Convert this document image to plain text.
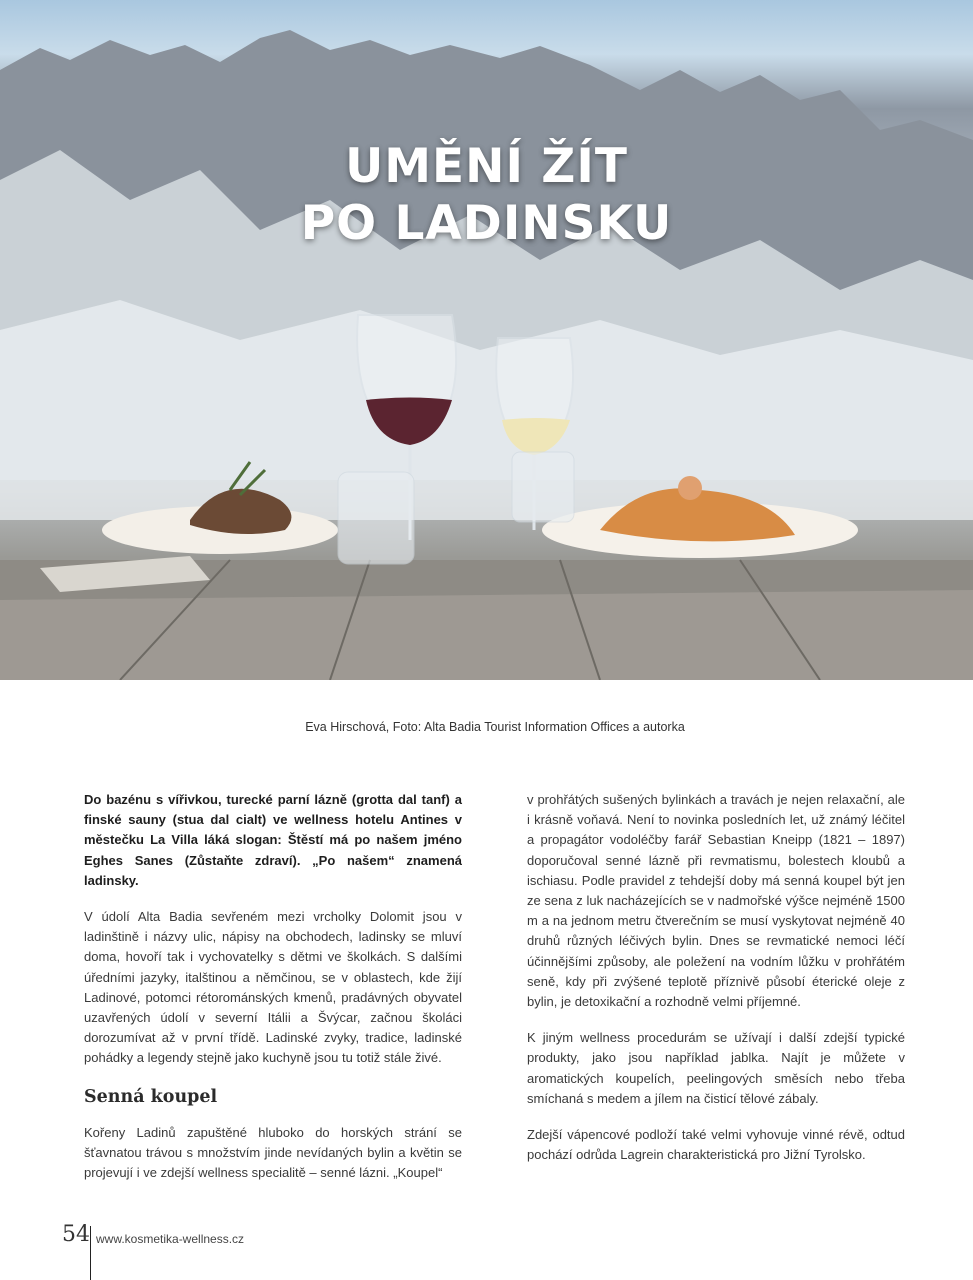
UMĚNÍ ŽÍT
PO LADINSKU
Eva Hirschová, Foto: Alta Badia Tourist Information Offices a autorka

Do bazénu s vířivkou, turecké parní lázně (grotta dal tanf) a finské sauny (stua dal cialt) ve wellness hotelu Antines v městečku La Villa láká slogan: Štěstí má po našem jméno Eghes Sanes (Zůstaňte zdraví). „Po našem“ znamená ladinsky.

V údolí Alta Badia sevřeném mezi vrcholky Dolomit jsou v ladinštině i názvy ulic, nápisy na obchodech, ladinsky se mluví doma, hovoří tak i vychovatelky s dětmi ve školkách. S dalšími úředními jazyky, italštinou a němčinou, se v oblastech, kde žijí Ladinové, potomci rétorománských kmenů, pradávných obyvatel uzavřených údolí v severní Itálii a Švýcar, začnou školáci dorozumívat až v první třídě. Ladinské zvyky, tradice, ladinské pohádky a legendy stejně jako kuchyně jsou tu totiž stále živé.

Senná koupel

Kořeny Ladinů zapuštěné hluboko do horských strání se šťavnatou trávou s množstvím jinde nevídaných bylin a květin se projevují i ve zdejší wellness specialitě – senné lázni. „Koupel“

v prohřátých sušených bylinkách a travách je nejen relaxační, ale i krásně voňavá. Není to novinka posledních let, už známý léčitel a propagátor vodoléčby farář Sebastian Kneipp (1821 – 1897) doporučoval senné lázně při revmatismu, bolestech kloubů a ischiasu. Podle pravidel z tehdejší doby má senná koupel být jen ze sena z luk nacházejících se v nadmořské výšce nejméně 1500 m a na jednom metru čtverečním se musí vyskytovat nejméně 40 druhů různých léčivých bylin. Dnes se revmatické nemoci léčí účinnějšími způsoby, ale poležení na vodním lůžku v prohřátém seně, kdy při zvýšené teplotě příznivě působí éterické oleje z bylin, je detoxikační a rozhodně velmi příjemné.

K jiným wellness procedurám se užívají i další zdejší typické produkty, jako jsou například jablka. Najít je můžete v aromatických koupelích, peelingových směsích nebo třeba smíchaná s medem a jílem na čisticí tělové zábaly.

Zdejší vápencové podloží také velmi vyhovuje vinné révě, odtud pochází odrůda Lagrein charakteristická pro Jižní Tyrolsko.

54 www.kosmetika-wellness.cz
